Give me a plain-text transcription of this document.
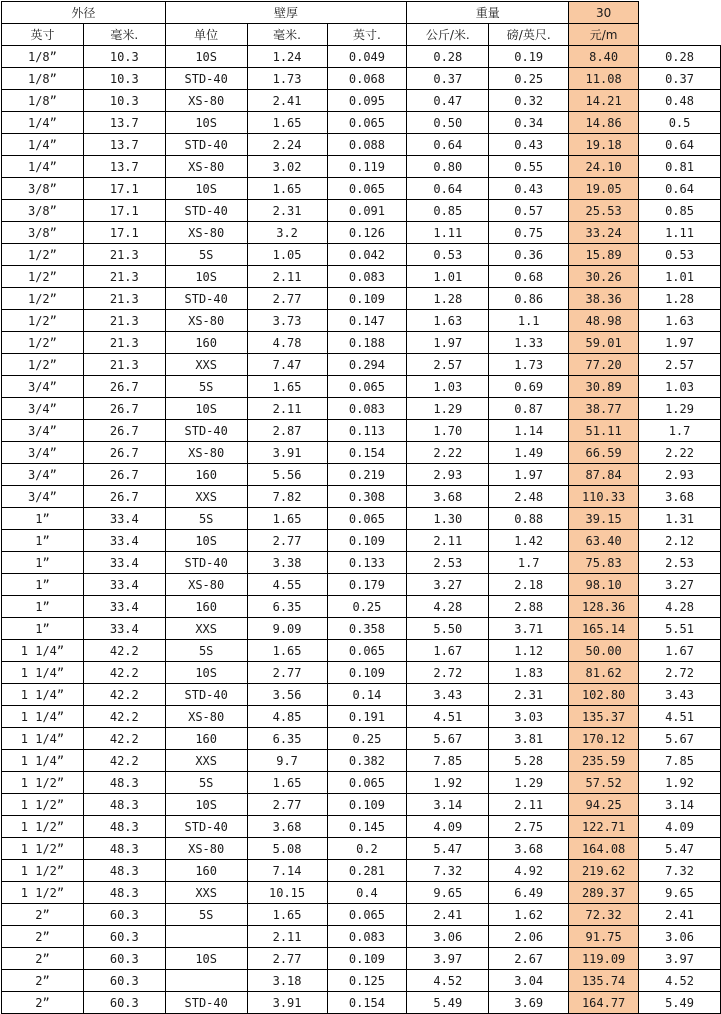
外径		壁厚			重量		30	
英寸	毫米.	单位	毫米.	英寸.	公斤/米.	磅/英尺.	元/m	
1/8”	10.3	10S	1.24	0.049	0.28	0.19	8.40	0.28
1/8”	10.3	STD-40	1.73	0.068	0.37	0.25	11.08	0.37
1/8”	10.3	XS-80	2.41	0.095	0.47	0.32	14.21	0.48
1/4”	13.7	10S	1.65	0.065	0.50	0.34	14.86	0.5
1/4”	13.7	STD-40	2.24	0.088	0.64	0.43	19.18	0.64
1/4”	13.7	XS-80	3.02	0.119	0.80	0.55	24.10	0.81
3/8”	17.1	10S	1.65	0.065	0.64	0.43	19.05	0.64
3/8”	17.1	STD-40	2.31	0.091	0.85	0.57	25.53	0.85
3/8”	17.1	XS-80	3.2	0.126	1.11	0.75	33.24	1.11
1/2”	21.3	5S	1.05	0.042	0.53	0.36	15.89	0.53
1/2”	21.3	10S	2.11	0.083	1.01	0.68	30.26	1.01
1/2”	21.3	STD-40	2.77	0.109	1.28	0.86	38.36	1.28
1/2”	21.3	XS-80	3.73	0.147	1.63	1.1	48.98	1.63
1/2”	21.3	160	4.78	0.188	1.97	1.33	59.01	1.97
1/2”	21.3	XXS	7.47	0.294	2.57	1.73	77.20	2.57
3/4”	26.7	5S	1.65	0.065	1.03	0.69	30.89	1.03
3/4”	26.7	10S	2.11	0.083	1.29	0.87	38.77	1.29
3/4”	26.7	STD-40	2.87	0.113	1.70	1.14	51.11	1.7
3/4”	26.7	XS-80	3.91	0.154	2.22	1.49	66.59	2.22
3/4”	26.7	160	5.56	0.219	2.93	1.97	87.84	2.93
3/4”	26.7	XXS	7.82	0.308	3.68	2.48	110.33	3.68
1”	33.4	5S	1.65	0.065	1.30	0.88	39.15	1.31
1”	33.4	10S	2.77	0.109	2.11	1.42	63.40	2.12
1”	33.4	STD-40	3.38	0.133	2.53	1.7	75.83	2.53
1”	33.4	XS-80	4.55	0.179	3.27	2.18	98.10	3.27
1”	33.4	160	6.35	0.25	4.28	2.88	128.36	4.28
1”	33.4	XXS	9.09	0.358	5.50	3.71	165.14	5.51
1 1/4”	42.2	5S	1.65	0.065	1.67	1.12	50.00	1.67
1 1/4”	42.2	10S	2.77	0.109	2.72	1.83	81.62	2.72
1 1/4”	42.2	STD-40	3.56	0.14	3.43	2.31	102.80	3.43
1 1/4”	42.2	XS-80	4.85	0.191	4.51	3.03	135.37	4.51
1 1/4”	42.2	160	6.35	0.25	5.67	3.81	170.12	5.67
1 1/4”	42.2	XXS	9.7	0.382	7.85	5.28	235.59	7.85
1 1/2”	48.3	5S	1.65	0.065	1.92	1.29	57.52	1.92
1 1/2”	48.3	10S	2.77	0.109	3.14	2.11	94.25	3.14
1 1/2”	48.3	STD-40	3.68	0.145	4.09	2.75	122.71	4.09
1 1/2”	48.3	XS-80	5.08	0.2	5.47	3.68	164.08	5.47
1 1/2”	48.3	160	7.14	0.281	7.32	4.92	219.62	7.32
1 1/2”	48.3	XXS	10.15	0.4	9.65	6.49	289.37	9.65
2”	60.3	5S	1.65	0.065	2.41	1.62	72.32	2.41
2”	60.3		2.11	0.083	3.06	2.06	91.75	3.06
2”	60.3	10S	2.77	0.109	3.97	2.67	119.09	3.97
2”	60.3		3.18	0.125	4.52	3.04	135.74	4.52
2”	60.3	STD-40	3.91	0.154	5.49	3.69	164.77	5.49
